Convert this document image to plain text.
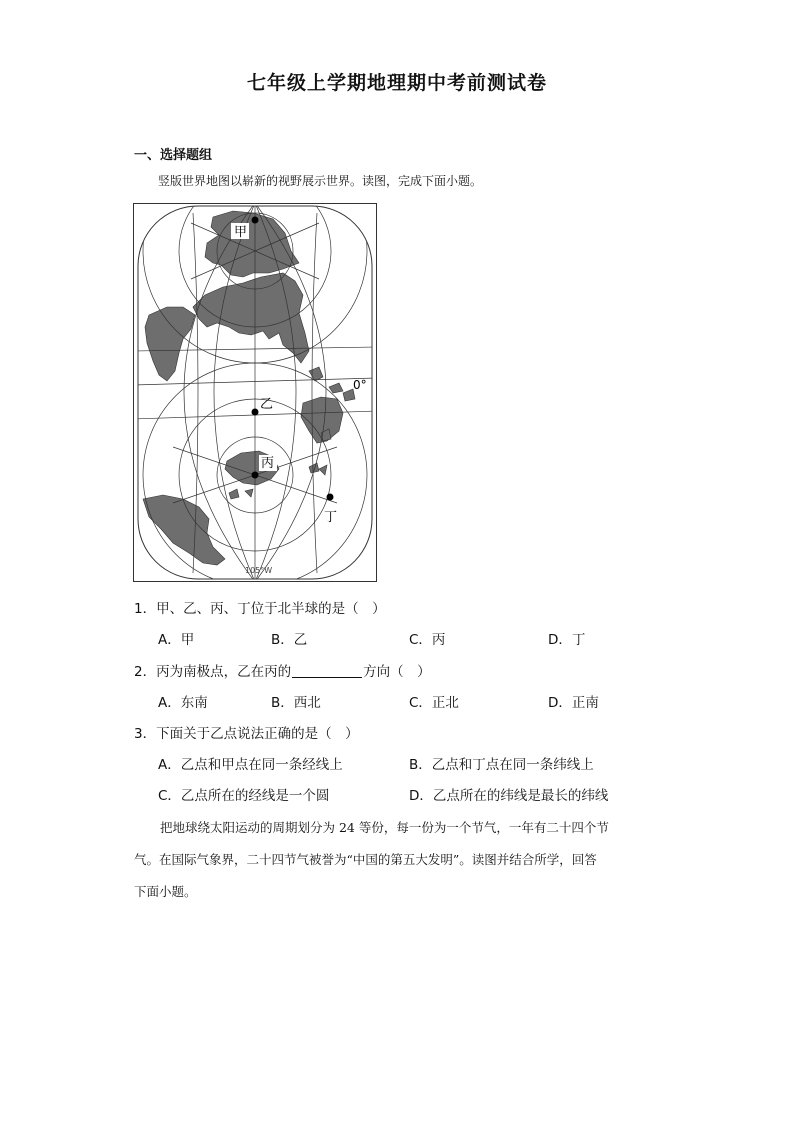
七年级上学期地理期中考前测试卷
一、选择题组
竖版世界地图以崭新的视野展示世界。读图，完成下面小题。
甲
乙
丙
丁
0°
105°W
1．甲、乙、丙、丁位于北半球的是（　）
A．甲	B．乙	C．丙	D．丁
2．丙为南极点，乙在丙的	方向（　）
A．东南	B．西北	C．正北	D．正南
3．下面关于乙点说法正确的是（　）
A．乙点和甲点在同一条经线上	B．乙点和丁点在同一条纬线上
C．乙点所在的经线是一个圆	D．乙点所在的纬线是最长的纬线
把地球绕太阳运动的周期划分为 24 等份，每一份为一个节气，一年有二十四个节
气。在国际气象界，二十四节气被誉为“中国的第五大发明”。读图并结合所学，回答
下面小题。
